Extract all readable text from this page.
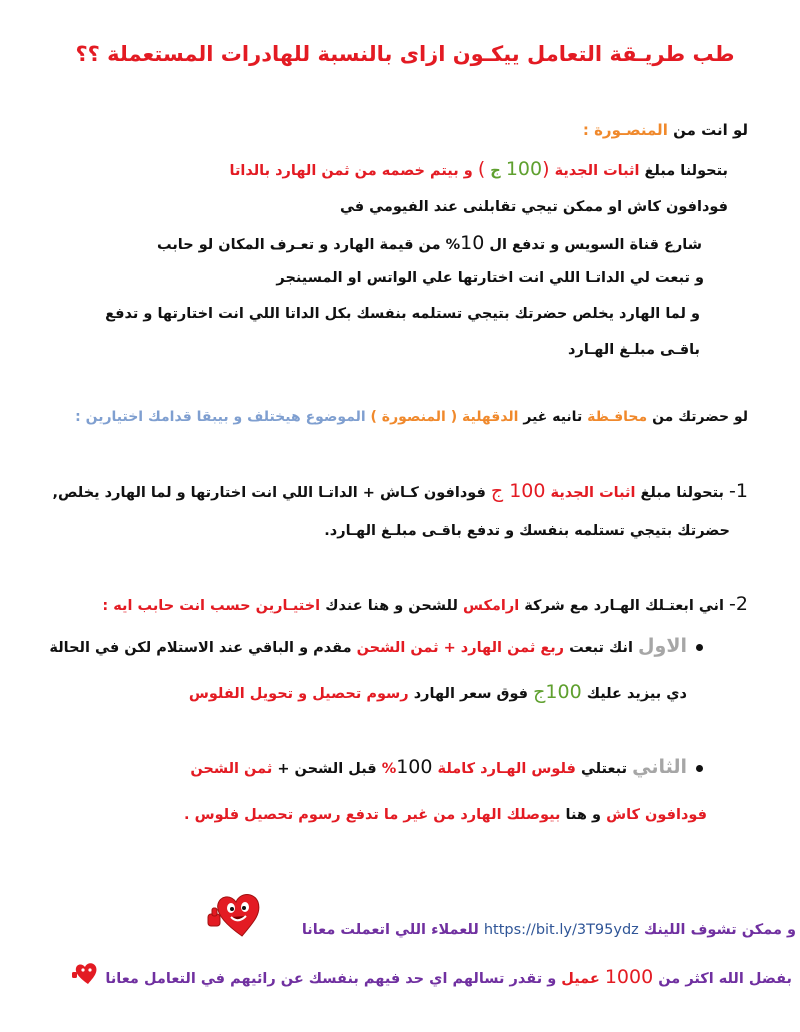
طب طريـقة التعامل ييكـون ازاى بالنسبة للهادرات المستعملة ؟؟
لو انت من المنصـورة :
بتحولنا مبلغ اثبات الجدية (100 ج ) و بيتم خصمه من ثمن الهارد بالداتا
فودافون كاش او ممكن تيجي تقابلنى عند الفيومي في
شارع قناة السويس و تدفع ال 10% من قيمة الهارد و تعـرف المكان لو حابب
و تبعت لي الداتـا اللي انت اختارتها علي الواتس او المسينجر
و لما الهارد يخلص حضرتك بتيجي تستلمه بنفسك بكل الداتا اللي انت اختارتها و تدفع
باقـى مبلـغ الهـارد
لو حضرتك من محافـظة تانيه غير الدقهلية ( المنصورة ) الموضوع هيختلف و بيبقا قدامك اختيارين :
1- بتحولنا مبلغ اثبات الجدية 100 ج فودافون كـاش + الداتـا اللي انت اختارتها و لما الهارد يخلص,
حضرتك بتيجي تستلمه بنفسك و تدفع باقـى مبلـغ الهـارد.
2- اني ابعتـلك الهـارد مع شركة ارامكس للشحن و هنا عندك اختيـارين حسب انت حابب ايه :
الاول انك تبعت ربع ثمن الهارد + ثمن الشحن مقدم و الباقي عند الاستلام لكن في الحالة
دي بيزيد عليك 100ج فوق سعر الهارد رسوم تحصيل و تحويل الفلوس
الثاني تبعتلي فلوس الهـارد كاملة 100% قبل الشحن + ثمن الشحن
فودافون كاش و هنا بيوصلك الهارد من غير ما تدفع رسوم تحصيل فلوس .
و ممكن تشوف اللينك https://bit.ly/3T95ydz للعملاء اللي اتعملت معانا
بفضل الله اكثر من 1000 عميل و تقدر تسالهم اي حد فيهم بنفسك عن رائيهم في التعامل معانا
